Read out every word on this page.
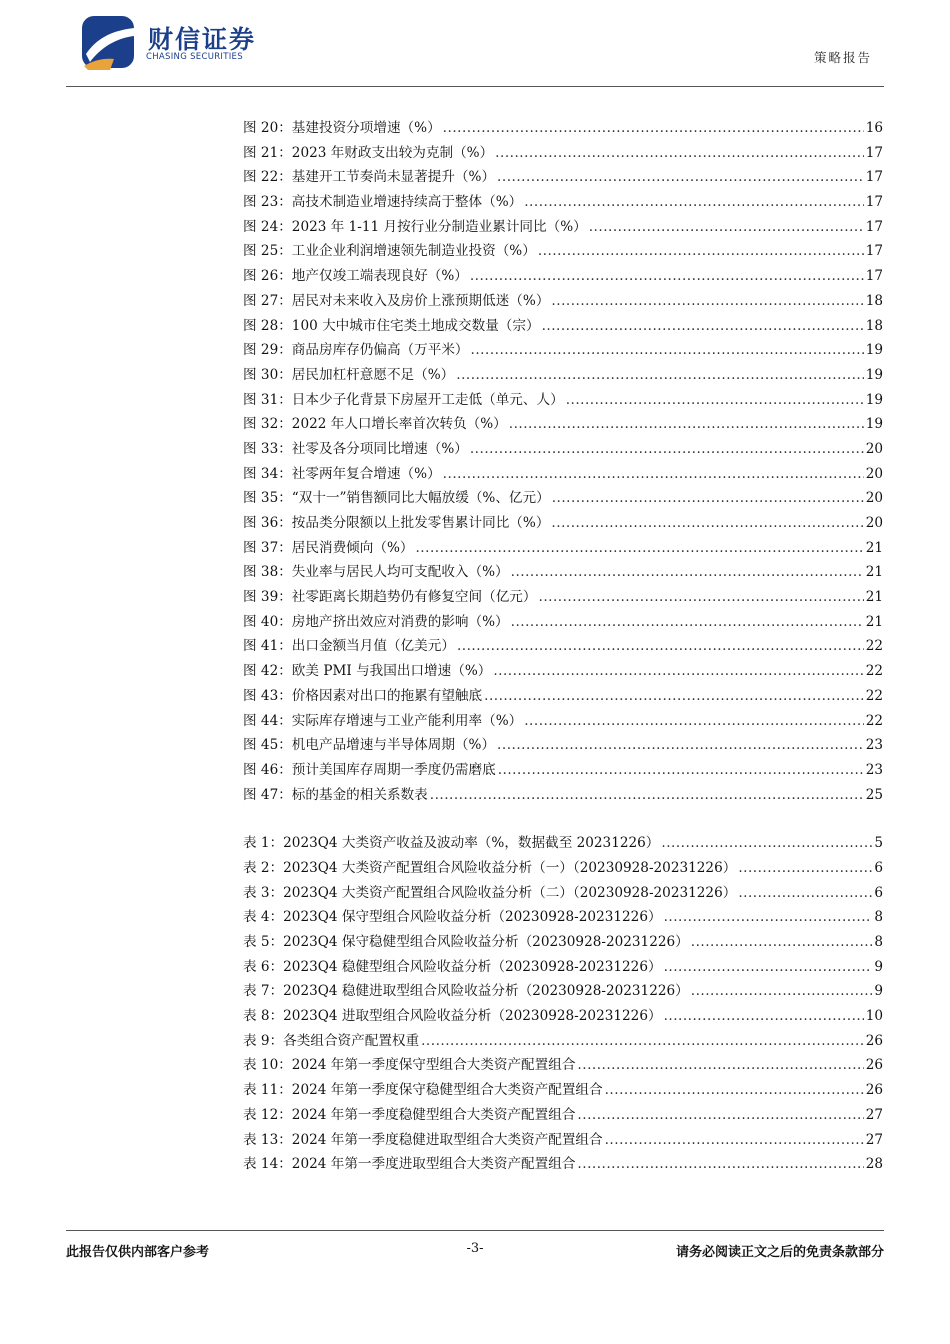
财信证券
CHASING SECURITIES	策略报告
图 20：基建投资分项增速（%） .....	16
图 21：2023 年财政支出较为克制（%） .....	17
图 22：基建开工节奏尚未显著提升（%） .....	17
图 23：高技术制造业增速持续高于整体（%） .....	17
图 24：2023 年 1-11 月按行业分制造业累计同比（%） .....	17
图 25：工业企业利润增速领先制造业投资（%） .....	17
图 26：地产仅竣工端表现良好（%） .....	17
图 27：居民对未来收入及房价上涨预期低迷（%） .....	18
图 28：100 大中城市住宅类土地成交数量（宗） .....	18
图 29：商品房库存仍偏高（万平米） .....	19
图 30：居民加杠杆意愿不足（%） .....	19
图 31：日本少子化背景下房屋开工走低（单元、人） .....	19
图 32：2022 年人口增长率首次转负（%） .....	19
图 33：社零及各分项同比增速（%） .....	20
图 34：社零两年复合增速（%） .....	20
图 35：“双十一”销售额同比大幅放缓（%、亿元） .....	20
图 36：按品类分限额以上批发零售累计同比（%） .....	20
图 37：居民消费倾向（%） .....	21
图 38：失业率与居民人均可支配收入（%） .....	21
图 39：社零距离长期趋势仍有修复空间（亿元） .....	21
图 40：房地产挤出效应对消费的影响（%） .....	21
图 41：出口金额当月值（亿美元） .....	22
图 42：欧美 PMI 与我国出口增速（%） .....	22
图 43：价格因素对出口的拖累有望触底 .....	22
图 44：实际库存增速与工业产能利用率（%） .....	22
图 45：机电产品增速与半导体周期（%） .....	23
图 46：预计美国库存周期一季度仍需磨底 .....	23
图 47：标的基金的相关系数表 .....	25
表 1：2023Q4 大类资产收益及波动率（%，数据截至 20231226） .....	5
表 2：2023Q4 大类资产配置组合风险收益分析（一）（20230928-20231226） .....	6
表 3：2023Q4 大类资产配置组合风险收益分析（二）（20230928-20231226） .....	6
表 4：2023Q4 保守型组合风险收益分析（20230928-20231226） .....	8
表 5：2023Q4 保守稳健型组合风险收益分析（20230928-20231226） .....	8
表 6：2023Q4 稳健型组合风险收益分析（20230928-20231226） .....	9
表 7：2023Q4 稳健进取型组合风险收益分析（20230928-20231226） .....	9
表 8：2023Q4 进取型组合风险收益分析（20230928-20231226） .....	10
表 9：各类组合资产配置权重 .....	26
表 10：2024 年第一季度保守型组合大类资产配置组合 .....	26
表 11：2024 年第一季度保守稳健型组合大类资产配置组合 .....	26
表 12：2024 年第一季度稳健型组合大类资产配置组合 .....	27
表 13：2024 年第一季度稳健进取型组合大类资产配置组合 .....	27
表 14：2024 年第一季度进取型组合大类资产配置组合 .....	28
此报告仅供内部客户参考	-3-	请务必阅读正文之后的免责条款部分
